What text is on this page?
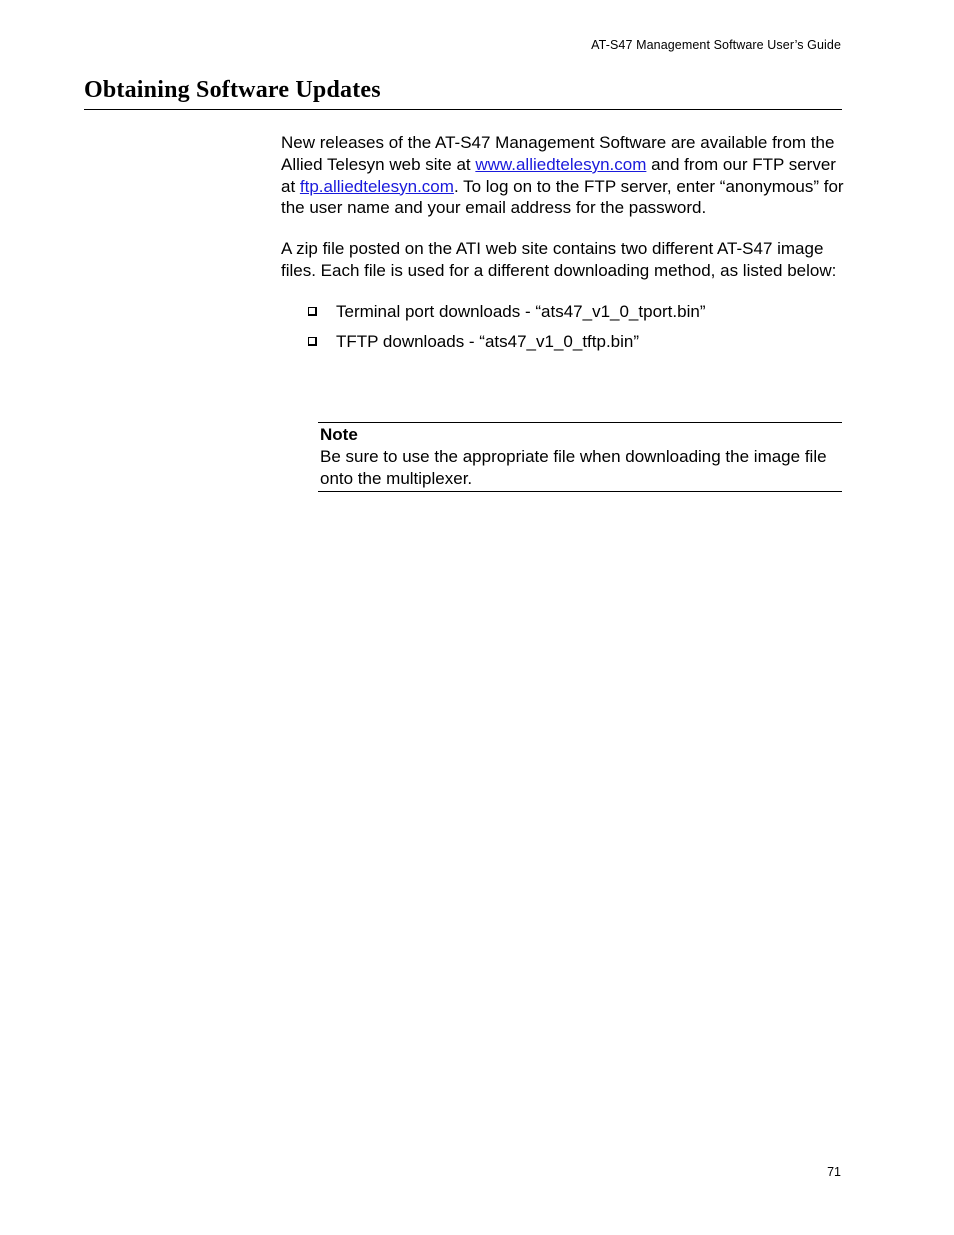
AT-S47 Management Software User’s Guide
Obtaining Software Updates

New releases of the AT-S47 Management Software are available from the Allied Telesyn web site at www.alliedtelesyn.com and from our FTP server at ftp.alliedtelesyn.com. To log on to the FTP server, enter “anonymous” for the user name and your email address for the password.

A zip file posted on the ATI web site contains two different AT-S47 image files. Each file is used for a different downloading method, as listed below:

Terminal port downloads - “ats47_v1_0_tport.bin”
TFTP downloads - “ats47_v1_0_tftp.bin”
Note
Be sure to use the appropriate file when downloading the image file onto the multiplexer.
71
